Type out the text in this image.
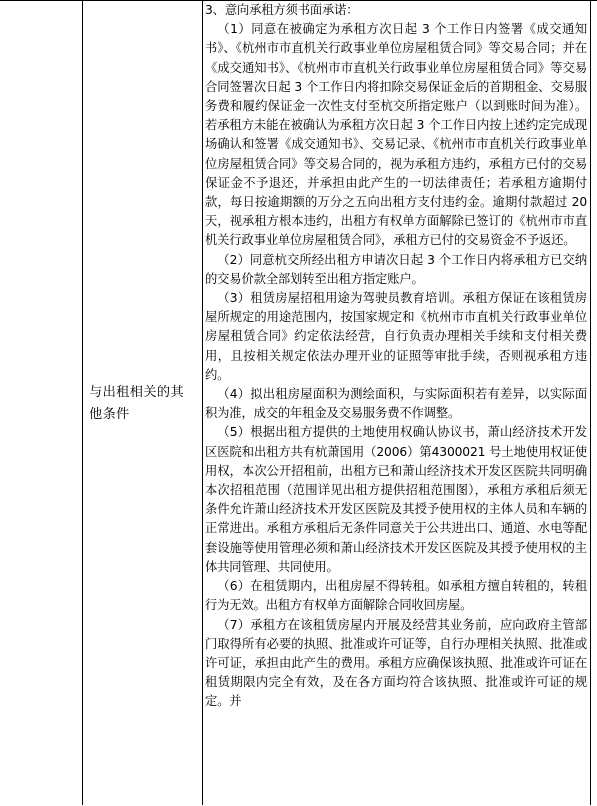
与出租相关的其他条件
3、意向承租方须书面承诺：
（1）同意在被确定为承租方次日起 3 个工作日内签署《成交通知书》、《杭州市市直机关行政事业单位房屋租赁合同》等交易合同；并在《成交通知书》、《杭州市市直机关行政事业单位房屋租赁合同》等交易合同签署次日起 3 个工作日内将扣除交易保证金后的首期租金、交易服务费和履约保证金一次性支付至杭交所指定账户（以到账时间为准）。若承租方未能在被确认为承租方次日起 3 个工作日内按上述约定完成现场确认和签署《成交通知书》、交易记录、《杭州市市直机关行政事业单位房屋租赁合同》等交易合同的，视为承租方违约，承租方已付的交易保证金不予退还，并承担由此产生的一切法律责任；若承租方逾期付款，每日按逾期额的万分之五向出租方支付违约金。逾期付款超过 20 天，视承租方根本违约，出租方有权单方面解除已签订的《杭州市市直机关行政事业单位房屋租赁合同》，承租方已付的交易资金不予返还。
（2）同意杭交所经出租方申请次日起 3 个工作日内将承租方已交纳的交易价款全部划转至出租方指定账户。
（3）租赁房屋招租用途为驾驶员教育培训。承租方保证在该租赁房屋所规定的用途范围内，按国家规定和《杭州市市直机关行政事业单位房屋租赁合同》约定依法经营，自行负责办理相关手续和支付相关费用，且按相关规定依法办理开业的证照等审批手续，否则视承租方违约。
（4）拟出租房屋面积为测绘面积，与实际面积若有差异，以实际面积为准，成交的年租金及交易服务费不作调整。
（5）根据出租方提供的土地使用权确认协议书，萧山经济技术开发区医院和出租方共有杭萧国用（2006）第4300021 号土地使用权证使用权，本次公开招租前，出租方已和萧山经济技术开发区医院共同明确本次招租范围（范围详见出租方提供招租范围图），承租方承租后须无条件允许萧山经济技术开发区医院及其授予使用权的主体人员和车辆的正常进出。承租方承租后无条件同意关于公共进出口、通道、水电等配套设施等使用管理必须和萧山经济技术开发区医院及其授予使用权的主体共同管理、共同使用。
（6）在租赁期内，出租房屋不得转租。如承租方擅自转租的，转租行为无效。出租方有权单方面解除合同收回房屋。
（7）承租方在该租赁房屋内开展及经营其业务前，应向政府主管部门取得所有必要的执照、批准或许可证等，自行办理相关执照、批准或许可证，承担由此产生的费用。承租方应确保该执照、批准或许可证在租赁期限内完全有效，及在各方面均符合该执照、批准或许可证的规定。并
